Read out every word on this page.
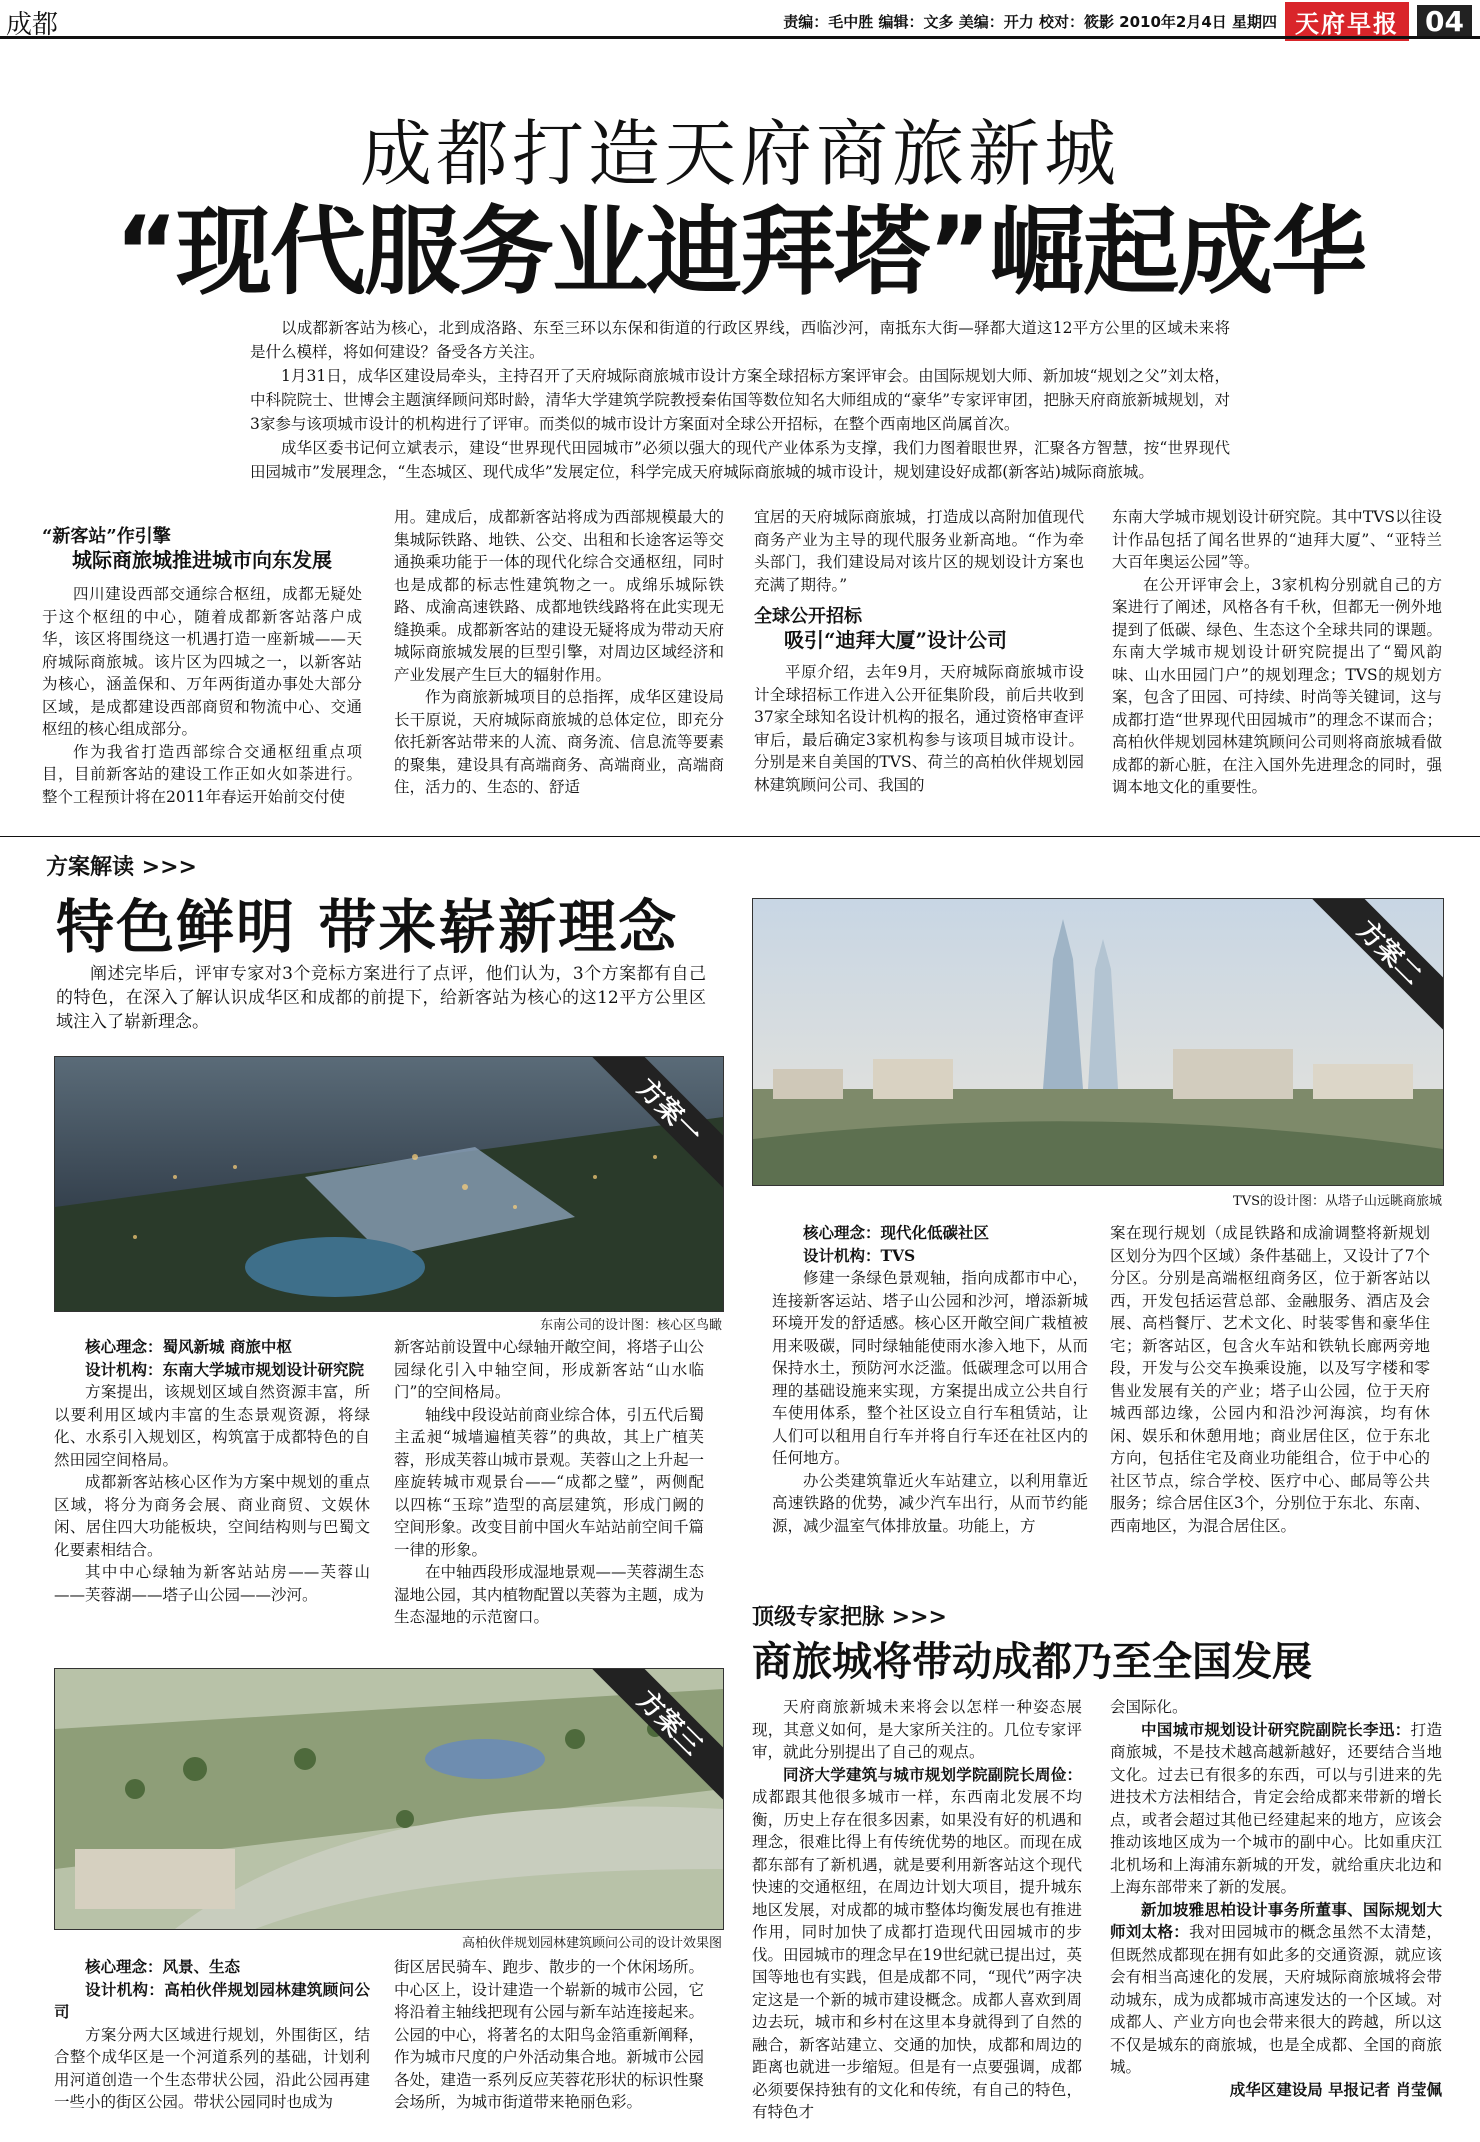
成都	责编：毛中胜 编辑：文多 美编：开力 校对：筱影 2010年2月4日 星期四 天府早报 04
成都打造天府商旅新城
“现代服务业迪拜塔”崛起成华

以成都新客站为核心，北到成洛路、东至三环以东保和街道的行政区界线，西临沙河，南抵东大街—驿都大道这12平方公里的区域未来将是什么模样，将如何建设？备受各方关注。

1月31日，成华区建设局牵头，主持召开了天府城际商旅城市设计方案全球招标方案评审会。由国际规划大师、新加坡“规划之父”刘太格，中科院院士、世博会主题演绎顾问郑时龄，清华大学建筑学院教授秦佑国等数位知名大师组成的“豪华”专家评审团，把脉天府商旅新城规划，对3家参与该项城市设计的机构进行了评审。而类似的城市设计方案面对全球公开招标，在整个西南地区尚属首次。

成华区委书记何立斌表示，建设“世界现代田园城市”必须以强大的现代产业体系为支撑，我们力图着眼世界，汇聚各方智慧，按“世界现代田园城市”发展理念，“生态城区、现代成华”发展定位，科学完成天府城际商旅城的城市设计，规划建设好成都(新客站)城际商旅城。

“新客站”作引擎
城际商旅城推进城市向东发展

四川建设西部交通综合枢纽，成都无疑处于这个枢纽的中心，随着成都新客站落户成华，该区将围绕这一机遇打造一座新城——天府城际商旅城。该片区为四城之一，以新客站为核心，涵盖保和、万年两街道办事处大部分区域，是成都建设西部商贸和物流中心、交通枢纽的核心组成部分。

作为我省打造西部综合交通枢纽重点项目，目前新客站的建设工作正如火如荼进行。整个工程预计将在2011年春运开始前交付使

用。建成后，成都新客站将成为西部规模最大的集城际铁路、地铁、公交、出租和长途客运等交通换乘功能于一体的现代化综合交通枢纽，同时也是成都的标志性建筑物之一。成绵乐城际铁路、成渝高速铁路、成都地铁线路将在此实现无缝换乘。成都新客站的建设无疑将成为带动天府城际商旅城发展的巨型引擎，对周边区域经济和产业发展产生巨大的辐射作用。

作为商旅新城项目的总指挥，成华区建设局长干原说，天府城际商旅城的总体定位，即充分依托新客站带来的人流、商务流、信息流等要素的聚集，建设具有高端商务、高端商业，高端商住，活力的、生态的、舒适

宜居的天府城际商旅城，打造成以高附加值现代商务产业为主导的现代服务业新高地。“作为牵头部门，我们建设局对该片区的规划设计方案也充满了期待。”

全球公开招标
吸引“迪拜大厦”设计公司

平原介绍，去年9月，天府城际商旅城市设计全球招标工作进入公开征集阶段，前后共收到37家全球知名设计机构的报名，通过资格审查评审后，最后确定3家机构参与该项目城市设计。分别是来自美国的TVS、荷兰的高柏伙伴规划园林建筑顾问公司、我国的

东南大学城市规划设计研究院。其中TVS以往设计作品包括了闻名世界的“迪拜大厦”、“亚特兰大百年奥运公园”等。

在公开评审会上，3家机构分别就自己的方案进行了阐述，风格各有千秋，但都无一例外地提到了低碳、绿色、生态这个全球共同的课题。东南大学城市规划设计研究院提出了“蜀风韵味、山水田园门户”的规划理念；TVS的规划方案，包含了田园、可持续、时尚等关键词，这与成都打造“世界现代田园城市”的理念不谋而合；高柏伙伴规划园林建筑顾问公司则将商旅城看做成都的新心脏，在注入国外先进理念的同时，强调本地文化的重要性。

方案解读 >>>
特色鲜明 带来崭新理念

阐述完毕后，评审专家对3个竞标方案进行了点评，他们认为，3个方案都有自己的特色，在深入了解认识成华区和成都的前提下，给新客站为核心的这12平方公里区域注入了崭新理念。

方案一
东南公司的设计图：核心区鸟瞰

核心理念：蜀风新城 商旅中枢

设计机构：东南大学城市规划设计研究院

方案提出，该规划区域自然资源丰富，所以要利用区域内丰富的生态景观资源，将绿化、水系引入规划区，构筑富于成都特色的自然田园空间格局。

成都新客站核心区作为方案中规划的重点区域，将分为商务会展、商业商贸、文娱休闲、居住四大功能板块，空间结构则与巴蜀文化要素相结合。

其中中心绿轴为新客站站房——芙蓉山——芙蓉湖——塔子山公园——沙河。

新客站前设置中心绿轴开敞空间，将塔子山公园绿化引入中轴空间，形成新客站“山水临门”的空间格局。

轴线中段设站前商业综合体，引五代后蜀主孟昶“城墙遍植芙蓉”的典故，其上广植芙蓉，形成芙蓉山城市景观。芙蓉山之上升起一座旋转城市观景台——“成都之璧”，两侧配以四栋“玉琮”造型的高层建筑，形成门阙的空间形象。改变目前中国火车站站前空间千篇一律的形象。

在中轴西段形成湿地景观——芙蓉湖生态湿地公园，其内植物配置以芙蓉为主题，成为生态湿地的示范窗口。

方案二
TVS的设计图：从塔子山远眺商旅城

核心理念：现代化低碳社区

设计机构：TVS

修建一条绿色景观轴，指向成都市中心，连接新客运站、塔子山公园和沙河，增添新城环境开发的舒适感。核心区开敞空间广栽植被用来吸碳，同时绿轴能使雨水渗入地下，从而保持水土，预防河水泛滥。低碳理念可以用合理的基础设施来实现，方案提出成立公共自行车使用体系，整个社区设立自行车租赁站，让人们可以租用自行车并将自行车还在社区内的任何地方。

办公类建筑靠近火车站建立，以利用靠近高速铁路的优势，减少汽车出行，从而节约能源，减少温室气体排放量。功能上，方

案在现行规划（成昆铁路和成渝调整将新规划区划分为四个区域）条件基础上，又设计了7个分区。分别是高端枢纽商务区，位于新客站以西，开发包括运营总部、金融服务、酒店及会展、高档餐厅、艺术文化、时装零售和豪华住宅；新客站区，包含火车站和铁轨长廊两旁地段，开发与公交车换乘设施，以及写字楼和零售业发展有关的产业；塔子山公园，位于天府城西部边缘，公园内和沿沙河海滨，均有休闲、娱乐和休憩用地；商业居住区，位于东北方向，包括住宅及商业功能组合，位于中心的社区节点，综合学校、医疗中心、邮局等公共服务；综合居住区3个，分别位于东北、东南、西南地区，为混合居住区。

方案三
高柏伙伴规划园林建筑顾问公司的设计效果图

核心理念：风景、生态

设计机构：高柏伙伴规划园林建筑顾问公司

方案分两大区域进行规划，外围街区，结合整个成华区是一个河道系列的基础，计划利用河道创造一个生态带状公园，沿此公园再建一些小的街区公园。带状公园同时也成为

街区居民骑车、跑步、散步的一个休闲场所。中心区上，设计建造一个崭新的城市公园，它将沿着主轴线把现有公园与新车站连接起来。公园的中心，将著名的太阳鸟金箔重新阐释，作为城市尺度的户外活动集合地。新城市公园各处，建造一系列反应芙蓉花形状的标识性聚会场所，为城市街道带来艳丽色彩。

顶级专家把脉 >>>
商旅城将带动成都乃至全国发展

天府商旅新城未来将会以怎样一种姿态展现，其意义如何，是大家所关注的。几位专家评审，就此分别提出了自己的观点。

同济大学建筑与城市规划学院副院长周俭：成都跟其他很多城市一样，东西南北发展不均衡，历史上存在很多因素，如果没有好的机遇和理念，很难比得上有传统优势的地区。而现在成都东部有了新机遇，就是要利用新客站这个现代快速的交通枢纽，在周边计划大项目，提升城东地区发展，对成都的城市整体均衡发展也有推进作用，同时加快了成都打造现代田园城市的步伐。田园城市的理念早在19世纪就已提出过，英国等地也有实践，但是成都不同，“现代”两字决定这是一个新的城市建设概念。成都人喜欢到周边去玩，城市和乡村在这里本身就得到了自然的融合，新客站建立、交通的加快，成都和周边的距离也就进一步缩短。但是有一点要强调，成都必须要保持独有的文化和传统，有自己的特色，有特色才

会国际化。

中国城市规划设计研究院副院长李迅：打造商旅城，不是技术越高越新越好，还要结合当地文化。过去已有很多的东西，可以与引进来的先进技术方法相结合，肯定会给成都来带新的增长点，或者会超过其他已经建起来的地方，应该会推动该地区成为一个城市的副中心。比如重庆江北机场和上海浦东新城的开发，就给重庆北边和上海东部带来了新的发展。

新加坡雅思柏设计事务所董事、国际规划大师刘太格：我对田园城市的概念虽然不太清楚，但既然成都现在拥有如此多的交通资源，就应该会有相当高速化的发展，天府城际商旅城将会带动城东，成为成都城市高速发达的一个区域。对成都人、产业方向也会带来很大的跨越，所以这不仅是城东的商旅城，也是全成都、全国的商旅城。

成华区建设局 早报记者 肖莹佩
